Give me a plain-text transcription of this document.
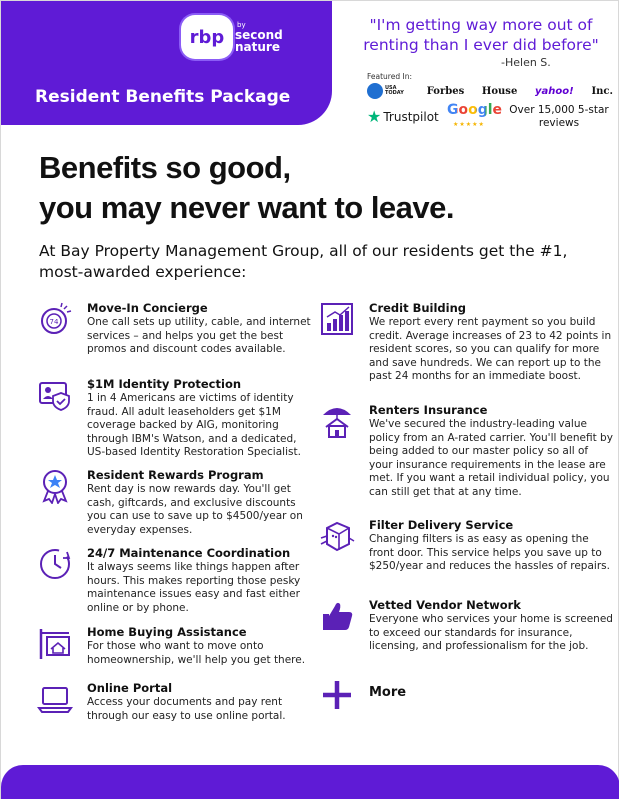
rbp
by
second nature
Resident Benefits Package
"I'm getting way more out of renting than I ever did before"
-Helen S.
Featured In:
USA TODAY	Forbes House yahoo! Inc.
★ Trustpilot Google
★★★★★
Over 15,000 5-star reviews
Benefits so good,
you may never want to leave.
At Bay Property Management Group, all of our residents get the #1, most-awarded experience:
74
Move-In Concierge
One call sets up utility, cable, and internet services – and helps you get the best promos and discount codes available.
$1M Identity Protection
1 in 4 Americans are victims of identity fraud. All adult leaseholders get $1M coverage backed by AIG, monitoring through IBM's Watson, and a dedicated, US-based Identity Restoration Specialist.
Resident Rewards Program
Rent day is now rewards day. You'll get cash, giftcards, and exclusive discounts you can use to save up to $4500/year on everyday expenses.
24/7 Maintenance Coordination
It always seems like things happen after hours. This makes reporting those pesky maintenance issues easy and fast either online or by phone.
Home Buying Assistance
For those who want to move onto homeownership, we'll help you get there.
Online Portal
Access your documents and pay rent through our easy to use online portal.
Credit Building
We report every rent payment so you build credit. Average increases of 23 to 42 points in resident scores, so you can qualify for more and save hundreds. We can report up to the past 24 months for an immediate boost.
Renters Insurance
We've secured the industry-leading value policy from an A-rated carrier. You'll benefit by being added to our master policy so all of your insurance requirements in the lease are met. If you want a retail individual policy, you can still get that at any time.
Filter Delivery Service
Changing filters is as easy as opening the front door. This service helps you save up to $250/year and reduces the hassles of repairs.
Vetted Vendor Network
Everyone who services your home is screened to exceed our standards for insurance, licensing, and professionalism for the job.
More
